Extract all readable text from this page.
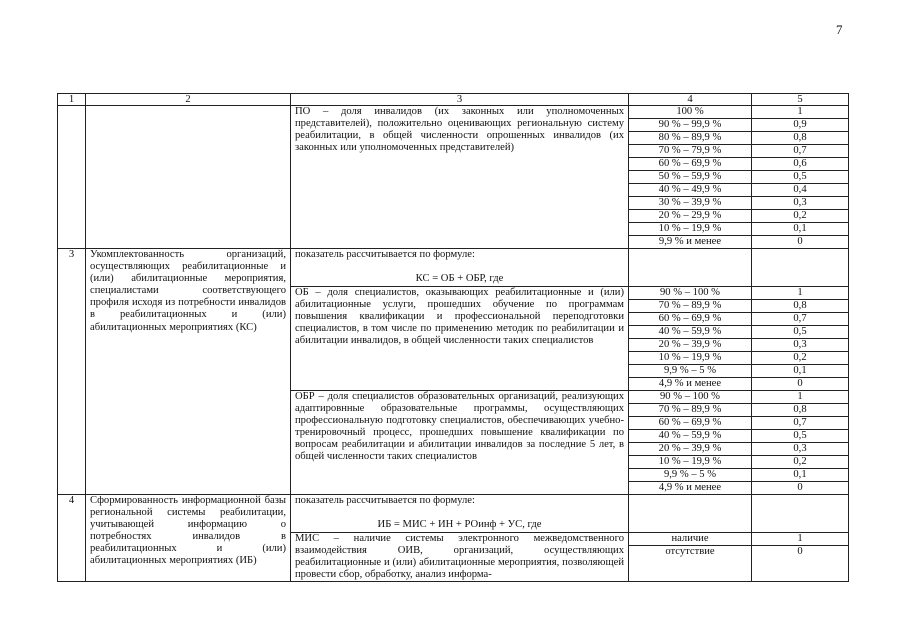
7
1	2	3	4	5
		ПО – доля инвалидов (их законных или уполномоченных представителей), положительно оценивающих региональную систему реабилитации, в общей численности опрошенных инвалидов (их законных или уполномоченных представителей)	100 %	1
			90 % – 99,9 %	0,9
			80 % – 89,9 %	0,8
			70 % – 79,9 %	0,7
			60 % – 69,9 %	0,6
			50 % – 59,9 %	0,5
			40 % – 49,9 %	0,4
			30 % – 39,9 %	0,3
			20 % – 29,9 %	0,2
			10 % – 19,9 %	0,1
			9,9 % и менее	0
3	Укомплектованность организаций, осуществляющих реабилитационные и (или) абилитационные мероприятия, специалистами соответствующего профиля исходя из потребности инвалидов в реабилитационных и (или) абилитационных мероприятиях (КС)	показатель рассчитывается по формуле:
КС = ОБ + ОБР, где		

		ОБ – доля специалистов, оказывающих реабилитационные и (или) абилитационные услуги, прошедших обучение по программам повышения квалификации и профессиональной переподготовки специалистов, в том числе по применению методик по реабилитации и абилитации инвалидов, в общей численности таких специалистов	90 % – 100 %	1
			70 % – 89,9 %	0,8
			60 % – 69,9 %	0,7
			40 % – 59,9 %	0,5
			20 % – 39,9 %	0,3
			10 % – 19,9 %	0,2
			9,9 % – 5 %	0,1
			4,9 % и менее	0
		ОБР – доля специалистов образовательных организаций, реализующих адаптировнные образовательные программы, осуществляющих профессиональную подготовку специалистов, обеспечивающих учебно-тренировочный процесс, прошедших повышение квалификации по вопросам реабилитации и абилитации инвалидов за последние 5 лет, в общей численности таких специалистов	90 % – 100 %	1
			70 % – 89,9 %	0,8
			60 % – 69,9 %	0,7
			40 % – 59,9 %	0,5
			20 % – 39,9 %	0,3
			10 % – 19,9 %	0,2
			9,9 % – 5 %	0,1
			4,9 % и менее	0
4	Сформированность информационной базы региональной системы реабилитации, учитывающей информацию о потребностях инвалидов в реабилитационных и (или) абилитационных мероприятиях (ИБ)	показатель рассчитывается по формуле:
ИБ = МИС + ИН + РОинф + УС, где		

		МИС – наличие системы электронного межведомственного взаимодействия ОИВ, организаций, осуществляющих реабилитационные и (или) абилитационные мероприятия, позволяющей провести сбор, обработку, анализ информа-	наличие	1
			отсутствие	0
